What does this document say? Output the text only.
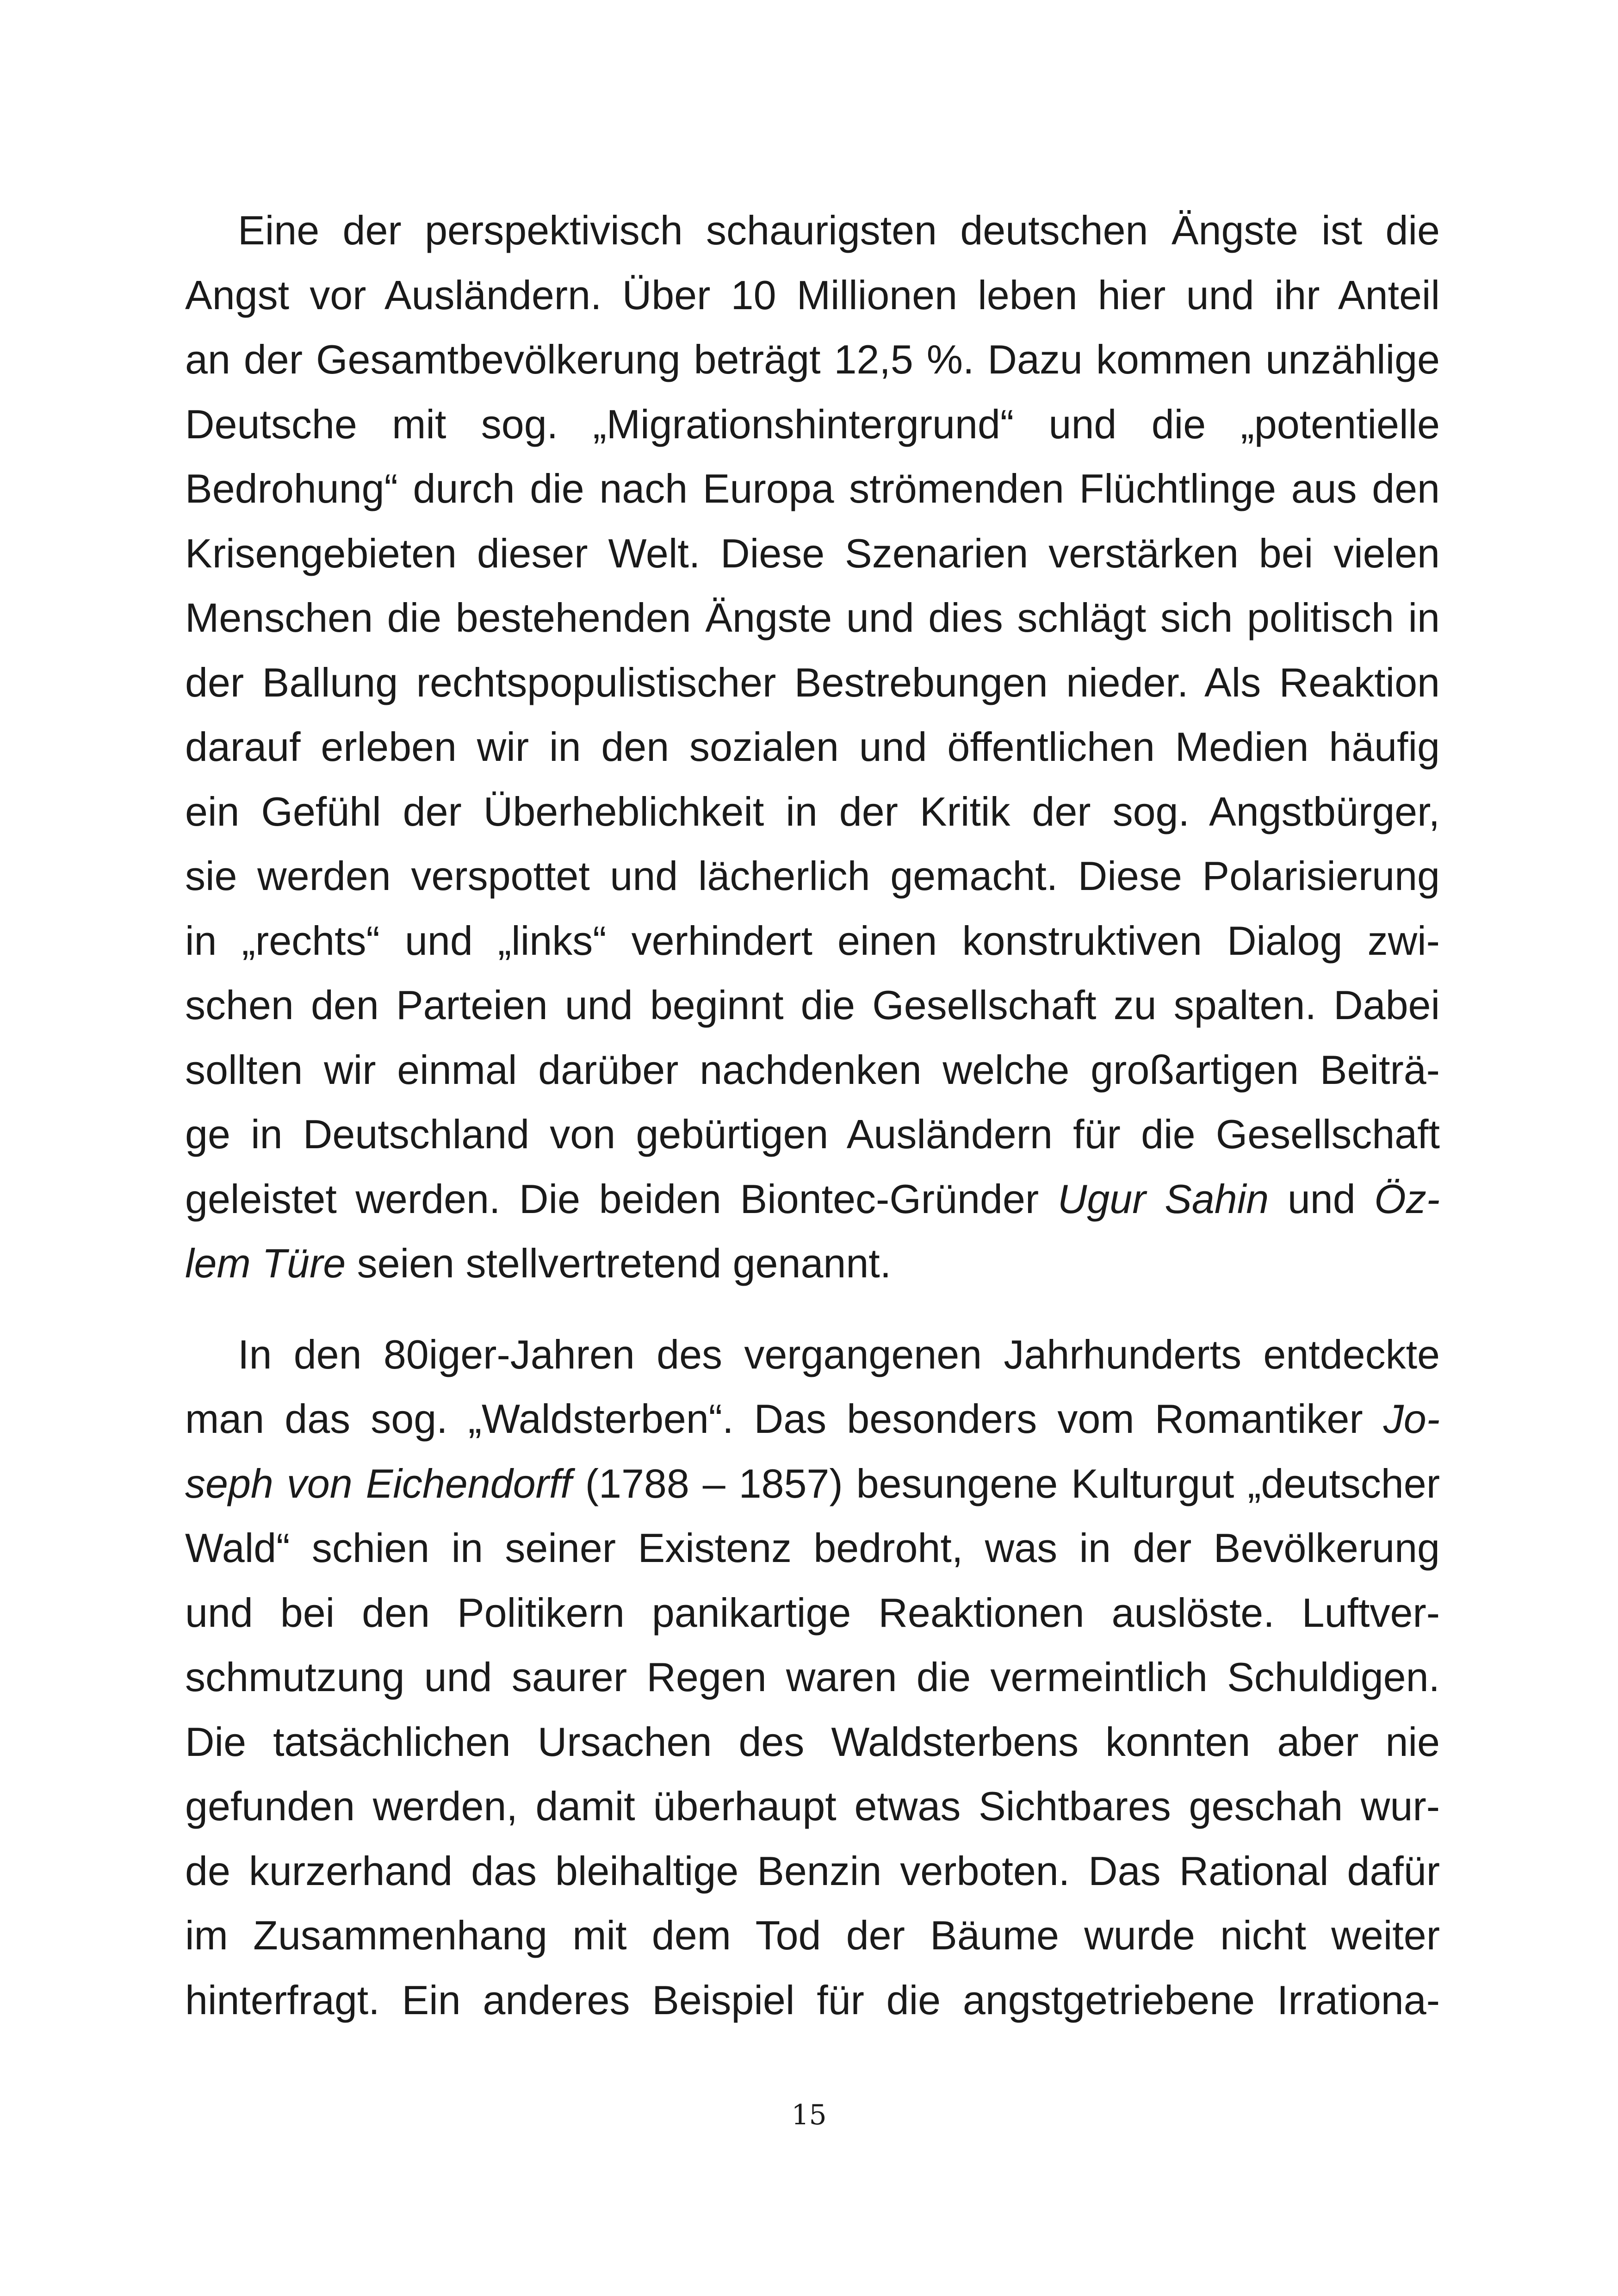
Eine der perspektivisch schaurigsten deutschen Ängste ist die
Angst vor Ausländern. Über 10 Millionen leben hier und ihr Anteil
an der Gesamtbevölkerung beträgt 12,5 %. Dazu kommen unzählige
Deutsche mit sog. „Migrationshintergrund“ und die „potentielle
Bedrohung“ durch die nach Europa strömenden Flüchtlinge aus den
Krisengebieten dieser Welt. Diese Szenarien verstärken bei vielen
Menschen die bestehenden Ängste und dies schlägt sich politisch in
der Ballung rechtspopulistischer Bestrebungen nieder. Als Reaktion
darauf erleben wir in den sozialen und öffentlichen Medien häufig
ein Gefühl der Überheblichkeit in der Kritik der sog. Angstbürger,
sie werden verspottet und lächerlich gemacht. Diese Polarisierung
in „rechts“ und „links“ verhindert einen konstruktiven Dialog zwi-
schen den Parteien und beginnt die Gesellschaft zu spalten. Dabei
sollten wir einmal darüber nachdenken welche großartigen Beiträ-
ge in Deutschland von gebürtigen Ausländern für die Gesellschaft
geleistet werden. Die beiden Biontec-Gründer Ugur Sahin und Öz-
lem Türe seien stellvertretend genannt.

In den 80iger-Jahren des vergangenen Jahrhunderts entdeckte
man das sog. „Waldsterben“. Das besonders vom Romantiker Jo-
seph von Eichendorff (1788 – 1857) besungene Kulturgut „deutscher
Wald“ schien in seiner Existenz bedroht, was in der Bevölkerung
und bei den Politikern panikartige Reaktionen auslöste. Luftver-
schmutzung und saurer Regen waren die vermeintlich Schuldigen.
Die tatsächlichen Ursachen des Waldsterbens konnten aber nie
gefunden werden, damit überhaupt etwas Sichtbares geschah wur-
de kurzerhand das bleihaltige Benzin verboten. Das Rational dafür
im Zusammenhang mit dem Tod der Bäume wurde nicht weiter
hinterfragt. Ein anderes Beispiel für die angstgetriebene Irrationa-

15
